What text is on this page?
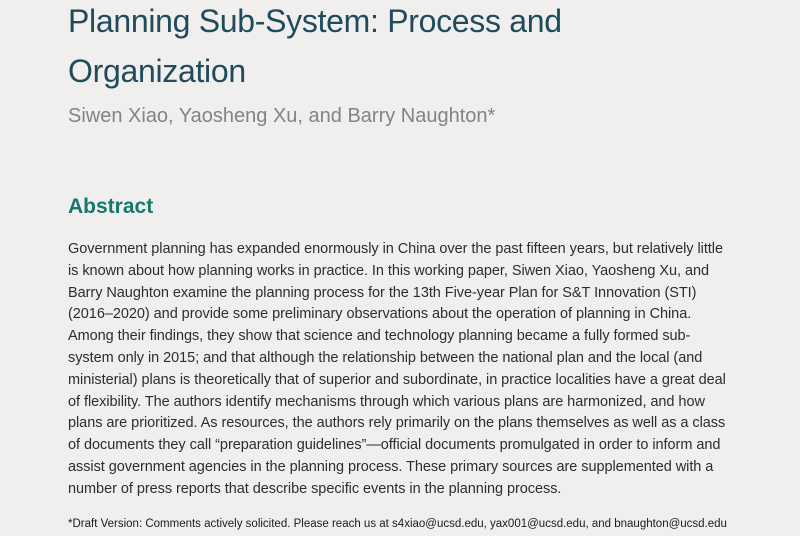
Planning Sub-System: Process and Organization
Siwen Xiao, Yaosheng Xu, and Barry Naughton*
Abstract

Government planning has expanded enormously in China over the past fifteen years, but relatively little is known about how planning works in practice. In this working paper, Siwen Xiao, Yaosheng Xu, and Barry Naughton examine the planning process for the 13th Five-year Plan for S&T Innovation (STI) (2016–2020) and provide some preliminary observations about the operation of planning in China. Among their findings, they show that science and technology planning became a fully formed sub-system only in 2015; and that although the relationship between the national plan and the local (and ministerial) plans is theoretically that of superior and subordinate, in practice localities have a great deal of flexibility. The authors identify mechanisms through which various plans are harmonized, and how plans are prioritized. As resources, the authors rely primarily on the plans themselves as well as a class of documents they call “preparation guidelines”—official documents promulgated in order to inform and assist government agencies in the planning process. These primary sources are supplemented with a number of press reports that describe specific events in the planning process.

*Draft Version: Comments actively solicited. Please reach us at s4xiao@ucsd.edu, yax001@ucsd.edu, and bnaughton@ucsd.edu
